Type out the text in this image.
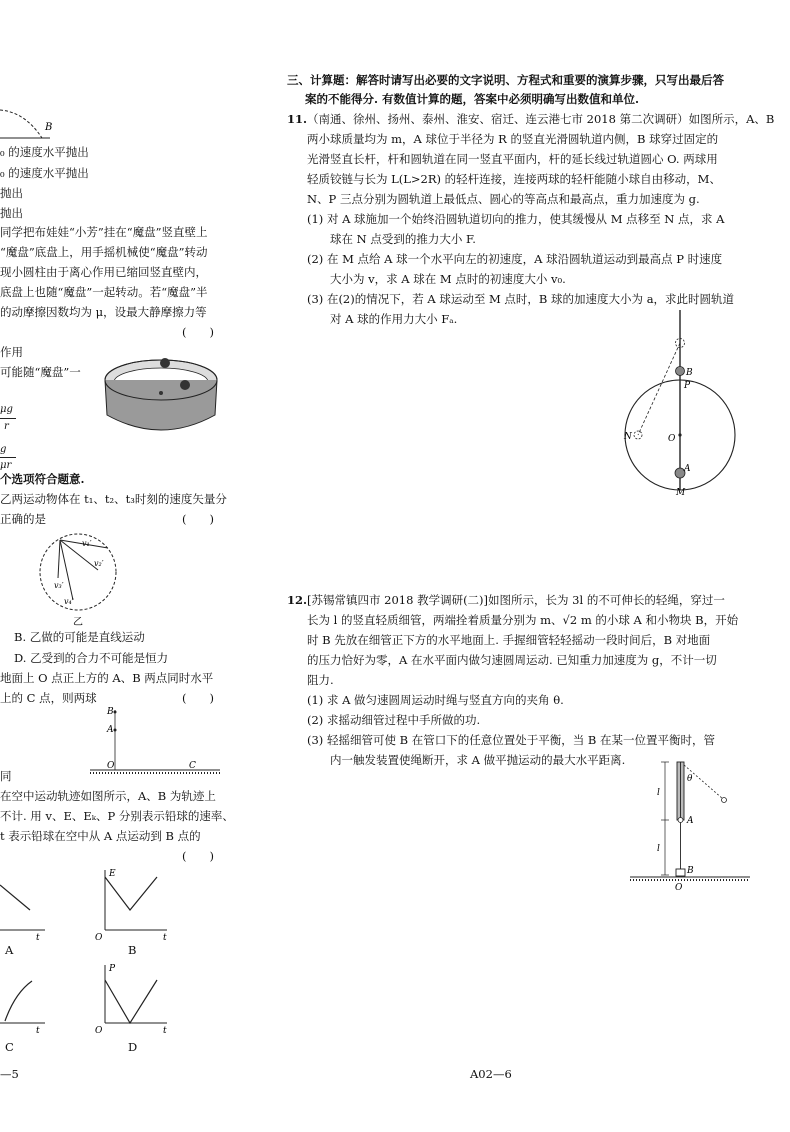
B
₀ 的速度水平抛出
₀ 的速度水平抛出
抛出
抛出
同学把布娃娃“小芳”挂在“魔盘”竖直壁上
“魔盘”底盘上，用手摇机械使“魔盘”转动
现小圆柱由于离心作用已缩回竖直壁内，
底盘上也随“魔盘”一起转动。若“魔盘”半
的动摩擦因数均为 μ，设最大静摩擦力等
(　　)
作用
可能随“魔盘”一
μg
r
g
μr
个选项符合题意.
乙两运动物体在 t₁、t₂、t₃时刻的速度矢量分
正确的是	(　　)
v₁′
v₂′
v₃′
v₄′
乙
B. 乙做的可能是直线运动
D. 乙受到的合力不可能是恒力
地面上 O 点正上方的 A、B 两点同时水平
上的 C 点，则两球	(　　)
B
A
O	C
同
在空中运动轨迹如图所示，A、B 为轨迹上
不计. 用 v、E、Eₖ、P 分别表示铅球的速率、
t 表示铅球在空中从 A 点运动到 B 点的
(　　)
t
A
E
O	t
B
t
C
P
O	t
D
—5
三、计算题：解答时请写出必要的文字说明、方程式和重要的演算步骤，只写出最后答
案的不能得分. 有数值计算的题，答案中必须明确写出数值和单位.
11. （南通、徐州、扬州、泰州、淮安、宿迁、连云港七市 2018 第二次调研）如图所示，A、B
两小球质量均为 m，A 球位于半径为 R 的竖直光滑圆轨道内侧，B 球穿过固定的
光滑竖直长杆，杆和圆轨道在同一竖直平面内，杆的延长线过轨道圆心 O. 两球用
轻质铰链与长为 L(L>2R) 的轻杆连接，连接两球的轻杆能随小球自由移动，M、
N、P 三点分别为圆轨道上最低点、圆心的等高点和最高点，重力加速度为 g.
(1) 对 A 球施加一个始终沿圆轨道切向的推力，使其缓慢从 M 点移至 N 点，求 A
球在 N 点受到的推力大小 F.
(2) 在 M 点给 A 球一个水平向左的初速度，A 球沿圆轨道运动到最高点 P 时速度
大小为 v，求 A 球在 M 点时的初速度大小 v₀.
(3) 在(2)的情况下，若 A 球运动至 M 点时，B 球的加速度大小为 a，求此时圆轨道
对 A 球的作用力大小 Fₐ.
B
P
O
N
A
M
12. [苏锡常镇四市 2018 教学调研(二)]如图所示，长为 3l 的不可伸长的轻绳，穿过一
长为 l 的竖直轻质细管，两端拴着质量分别为 m、√2 m 的小球 A 和小物块 B，开始
时 B 先放在细管正下方的水平地面上. 手握细管轻轻摇动一段时间后，B 对地面
的压力恰好为零，A 在水平面内做匀速圆周运动. 已知重力加速度为 g，不计一切
阻力.
(1) 求 A 做匀速圆周运动时绳与竖直方向的夹角 θ.
(2) 求摇动细管过程中手所做的功.
(3) 轻摇细管可使 B 在管口下的任意位置处于平衡，当 B 在某一位置平衡时，管
内一触发装置使绳断开，求 A 做平抛运动的最大水平距离.
θ
l
l
A
B
O
A02—6
